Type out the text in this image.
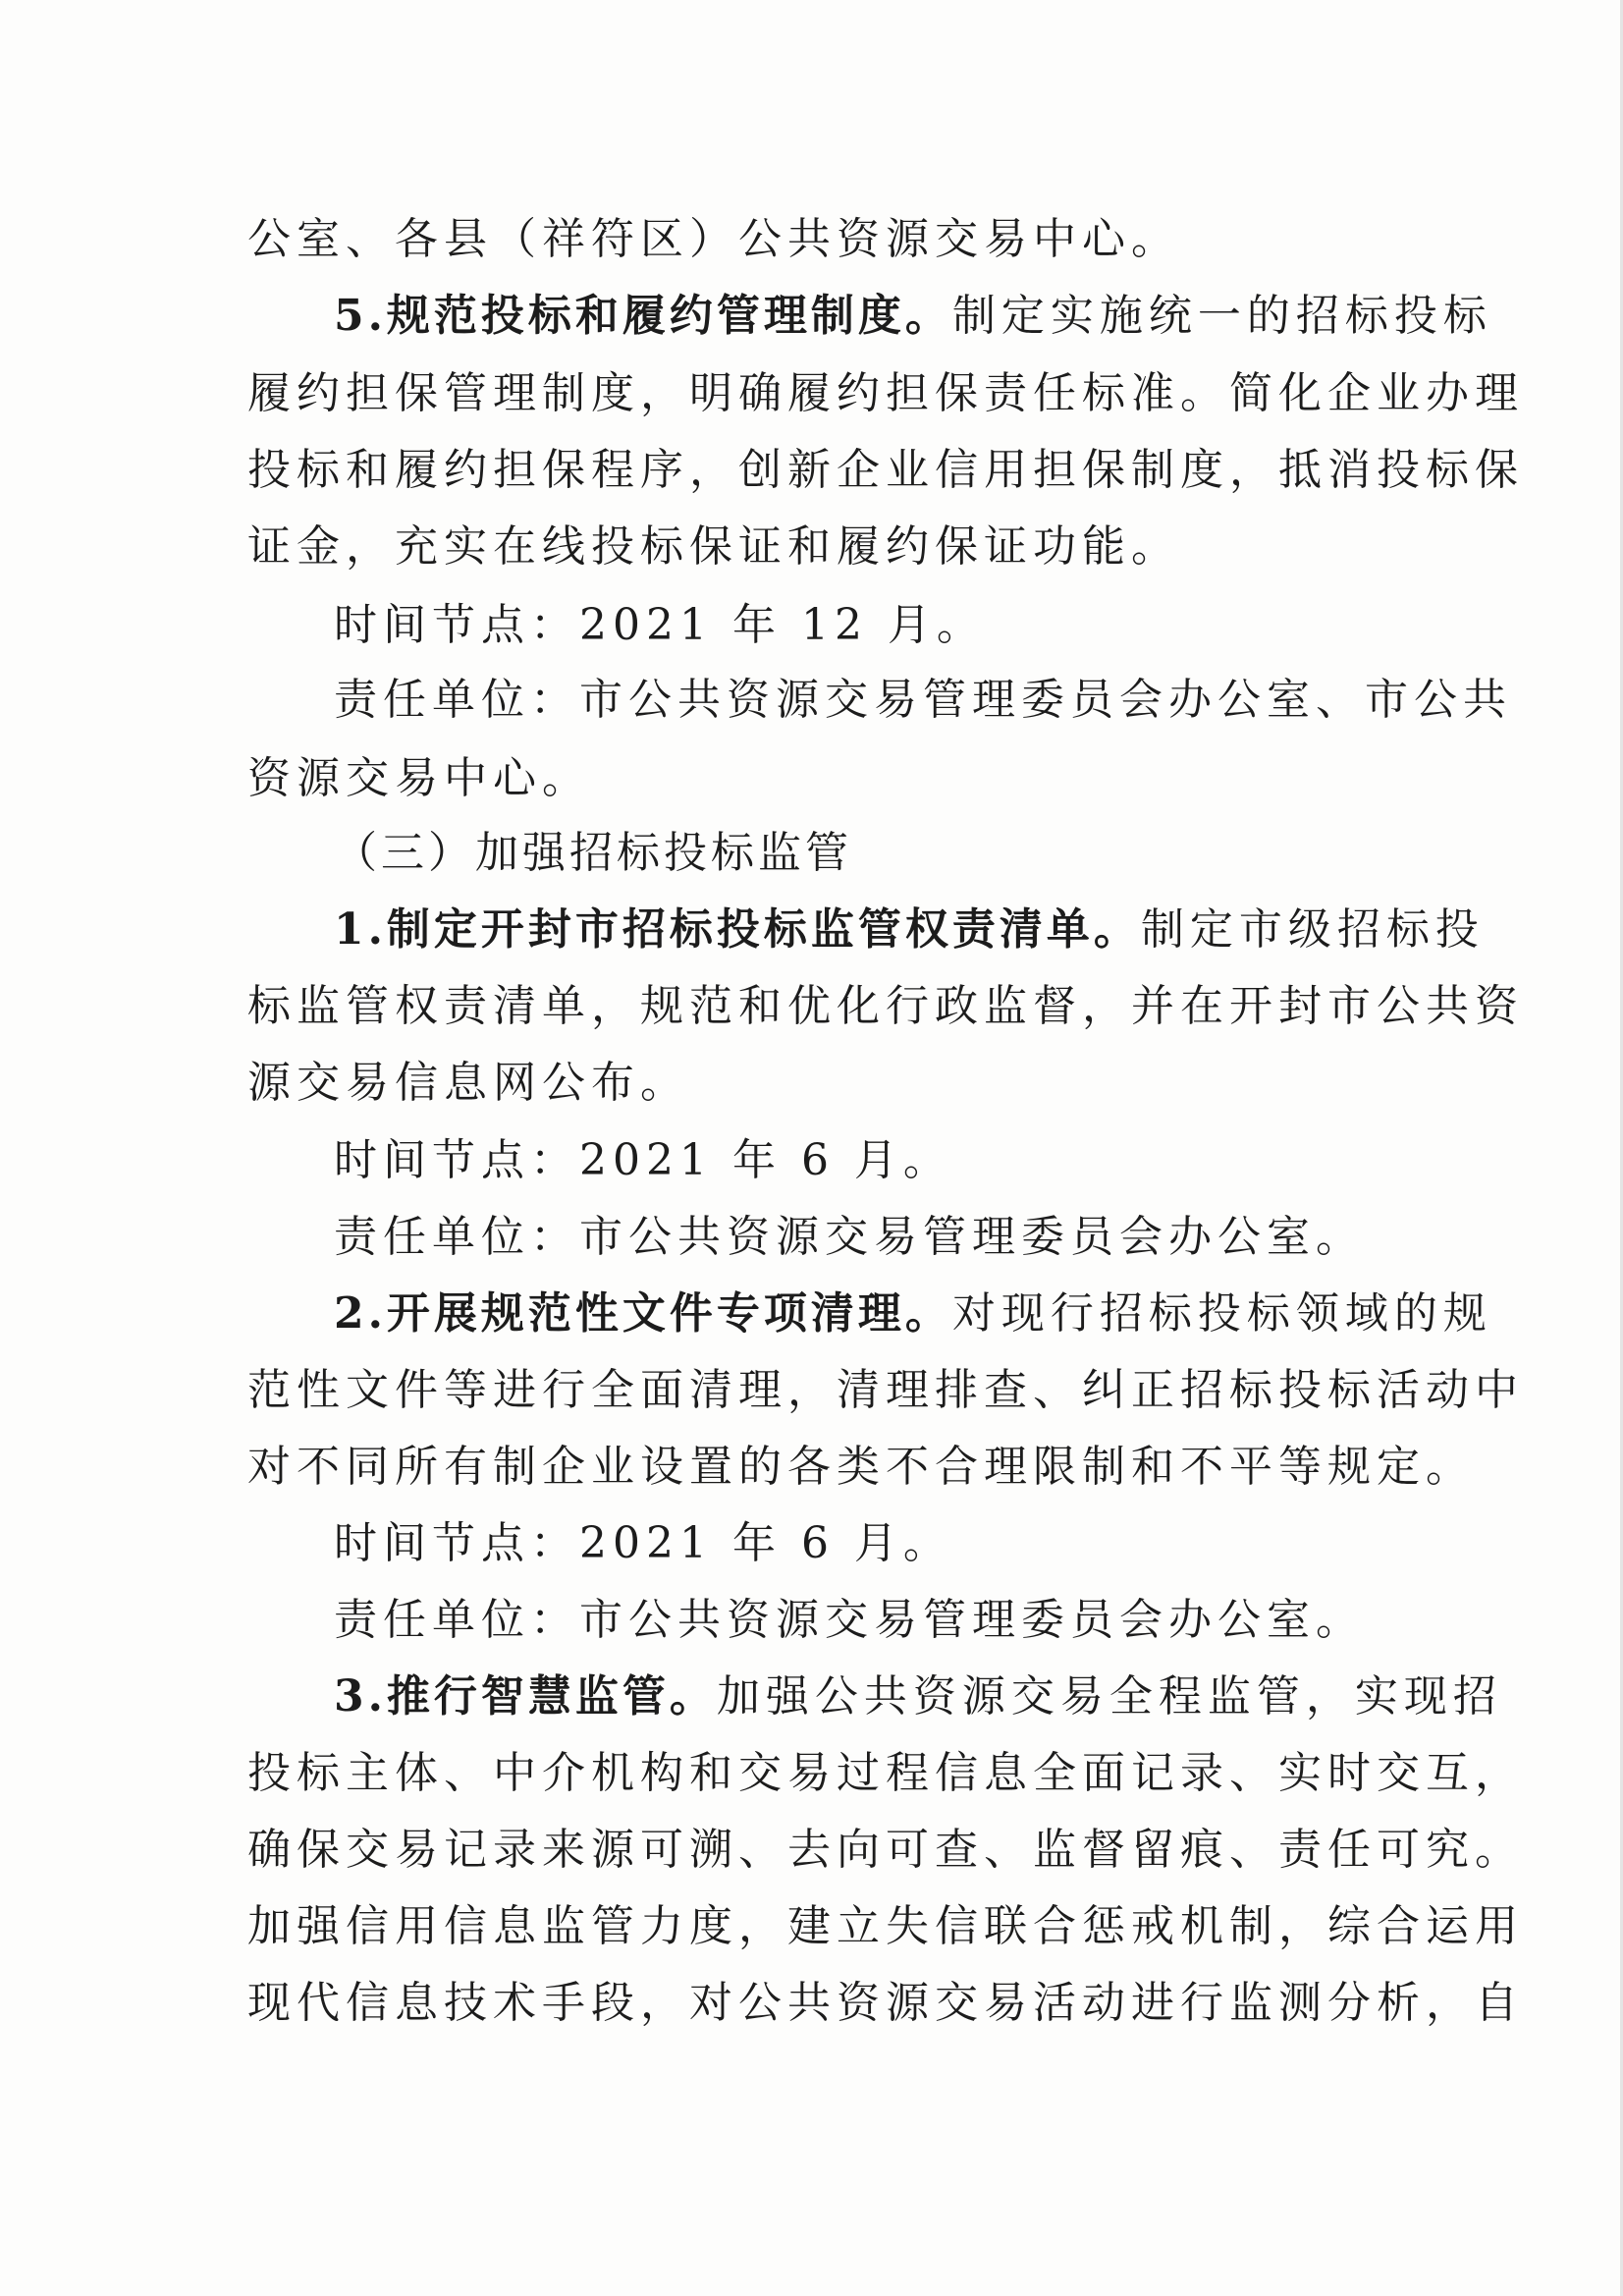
公室、各县（祥符区）公共资源交易中心。
5.规范投标和履约管理制度。制定实施统一的招标投标
履约担保管理制度，明确履约担保责任标准。简化企业办理
投标和履约担保程序，创新企业信用担保制度，抵消投标保
证金，充实在线投标保证和履约保证功能。
时间节点：2021 年 12 月。
责任单位：市公共资源交易管理委员会办公室、市公共
资源交易中心。
（三）加强招标投标监管
1.制定开封市招标投标监管权责清单。制定市级招标投
标监管权责清单，规范和优化行政监督，并在开封市公共资
源交易信息网公布。
时间节点：2021 年 6 月。
责任单位：市公共资源交易管理委员会办公室。
2.开展规范性文件专项清理。对现行招标投标领域的规
范性文件等进行全面清理，清理排查、纠正招标投标活动中
对不同所有制企业设置的各类不合理限制和不平等规定。
时间节点：2021 年 6 月。
责任单位：市公共资源交易管理委员会办公室。
3.推行智慧监管。加强公共资源交易全程监管，实现招
投标主体、中介机构和交易过程信息全面记录、实时交互，
确保交易记录来源可溯、去向可查、监督留痕、责任可究。
加强信用信息监管力度，建立失信联合惩戒机制，综合运用
现代信息技术手段，对公共资源交易活动进行监测分析，自
